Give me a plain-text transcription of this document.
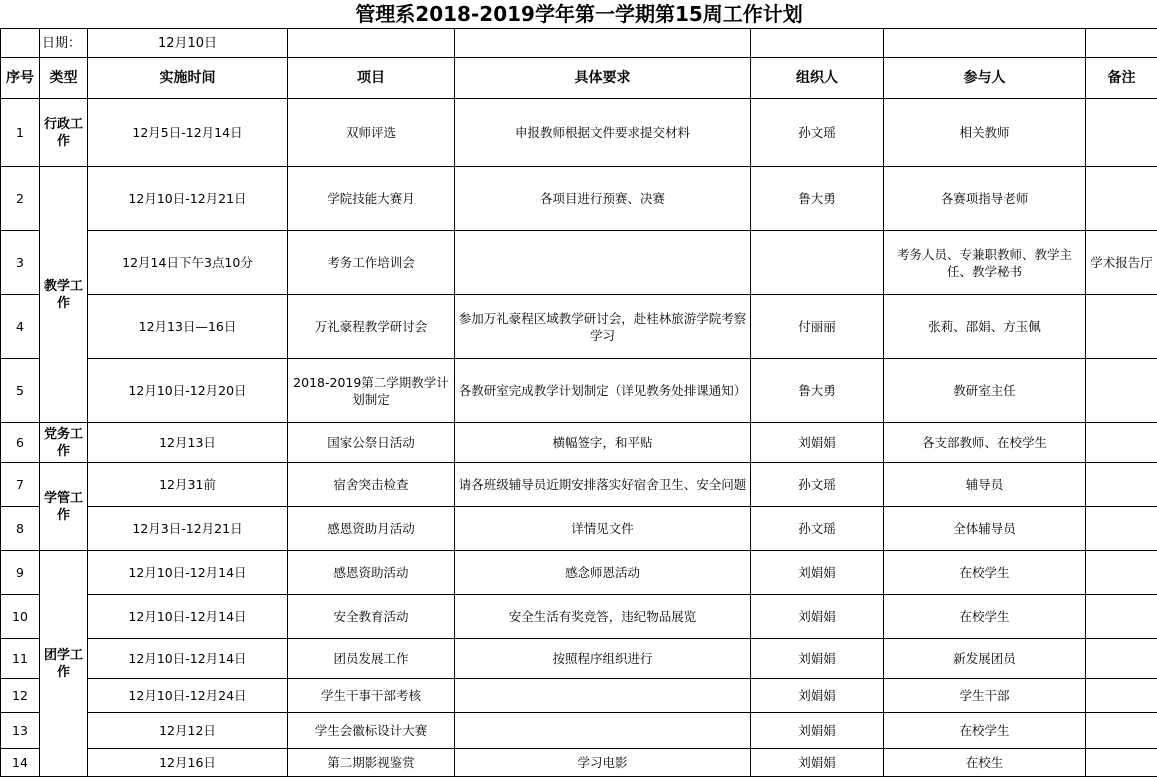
管理系2018-2019学年第一学期第15周工作计划							
	日期：	12月10日					
序号	类型	实施时间	项目	具体要求	组织人	参与人	备注
1	行政工作	12月5日-12月14日	双师评选	申报教师根据文件要求提交材料	孙文瑶	相关教师	
2	教学工作	12月10日-12月21日	学院技能大赛月	各项目进行预赛、决赛	鲁大勇	各赛项指导老师	
3		12月14日下午3点10分	考务工作培训会			考务人员、专兼职教师、教学主任、教学秘书	学术报告厅
4		12月13日—16日	万礼豪程教学研讨会	参加万礼豪程区域教学研讨会，赴桂林旅游学院考察学习	付丽丽	张莉、邵娟、方玉佩	
5		12月10日-12月20日	2018-2019第二学期教学计划制定	各教研室完成教学计划制定（详见教务处排课通知）	鲁大勇	教研室主任	
6	党务工作	12月13日	国家公祭日活动	横幅签字，和平贴	刘娟娟	各支部教师、在校学生	
7	学管工作	12月31前	宿舍突击检查	请各班级辅导员近期安排落实好宿舍卫生、安全问题	孙文瑶	辅导员	
8		12月3日-12月21日	感恩资助月活动	详情见文件	孙文瑶	全体辅导员	
9	团学工作	12月10日-12月14日	感恩资助活动	感念师恩活动	刘娟娟	在校学生	
10		12月10日-12月14日	安全教育活动	安全生活有奖竞答，违纪物品展览	刘娟娟	在校学生	
11		12月10日-12月14日	团员发展工作	按照程序组织进行	刘娟娟	新发展团员	
12		12月10日-12月24日	学生干事干部考核		刘娟娟	学生干部	
13		12月12日	学生会徽标设计大赛		刘娟娟	在校学生	
14		12月16日	第二期影视鉴赏	学习电影	刘娟娟	在校生	
